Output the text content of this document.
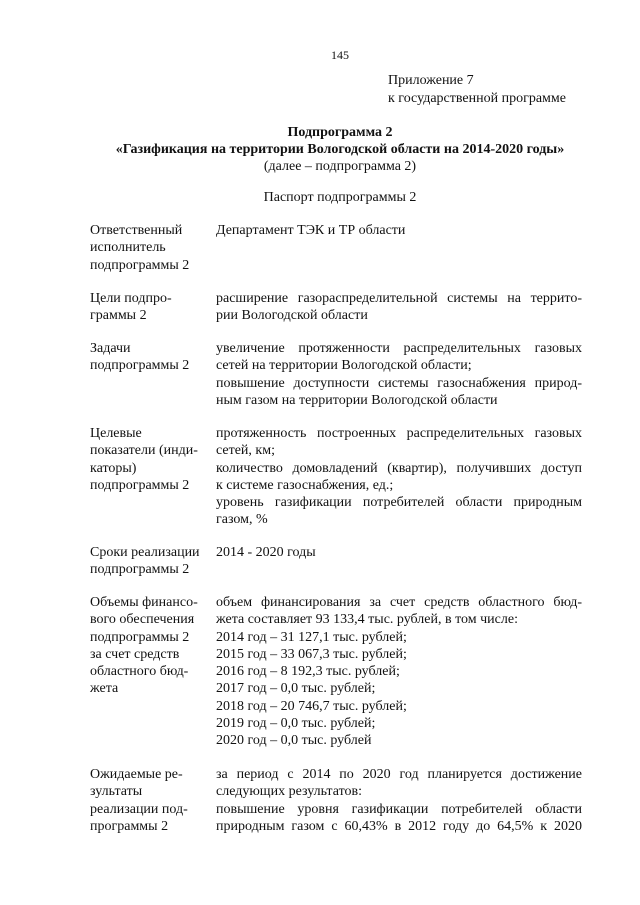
145
Приложение 7
к государственной программе
Подпрограмма 2
«Газификация на территории Вологодской области на 2014-2020 годы»
(далее – подпрограмма 2)
Паспорт подпрограммы 2
Ответственный
исполнитель
подпрограммы 2
Департамент ТЭК и ТР области
Цели подпро-
граммы 2
расширение газораспределительной системы на террито-
рии Вологодской области
Задачи
подпрограммы 2
увеличение протяженности распределительных газовых
сетей на территории Вологодской области;
повышение доступности системы газоснабжения природ-
ным газом на территории Вологодской области
Целевые
показатели (инди-
каторы)
подпрограммы 2
протяженность построенных распределительных газовых
сетей, км;
количество домовладений (квартир), получивших доступ
к системе газоснабжения, ед.;
уровень газификации потребителей области природным
газом, %
Сроки реализации
подпрограммы 2
2014 - 2020 годы
Объемы финансо-
вого обеспечения
подпрограммы 2
за счет средств
областного бюд-
жета
объем финансирования за счет средств областного бюд-
жета составляет 93 133,4 тыс. рублей, в том числе:
2014 год – 31 127,1 тыс. рублей;
2015 год – 33 067,3 тыс. рублей;
2016 год – 8 192,3 тыс. рублей;
2017 год – 0,0 тыс. рублей;
2018 год – 20 746,7 тыс. рублей;
2019 год – 0,0 тыс. рублей;
2020 год – 0,0 тыс. рублей
Ожидаемые ре-
зультаты
реализации под-
программы 2
за период с 2014 по 2020 год планируется достижение
следующих результатов:
повышение уровня газификации потребителей области
природным газом с 60,43% в 2012 году до 64,5% к 2020
